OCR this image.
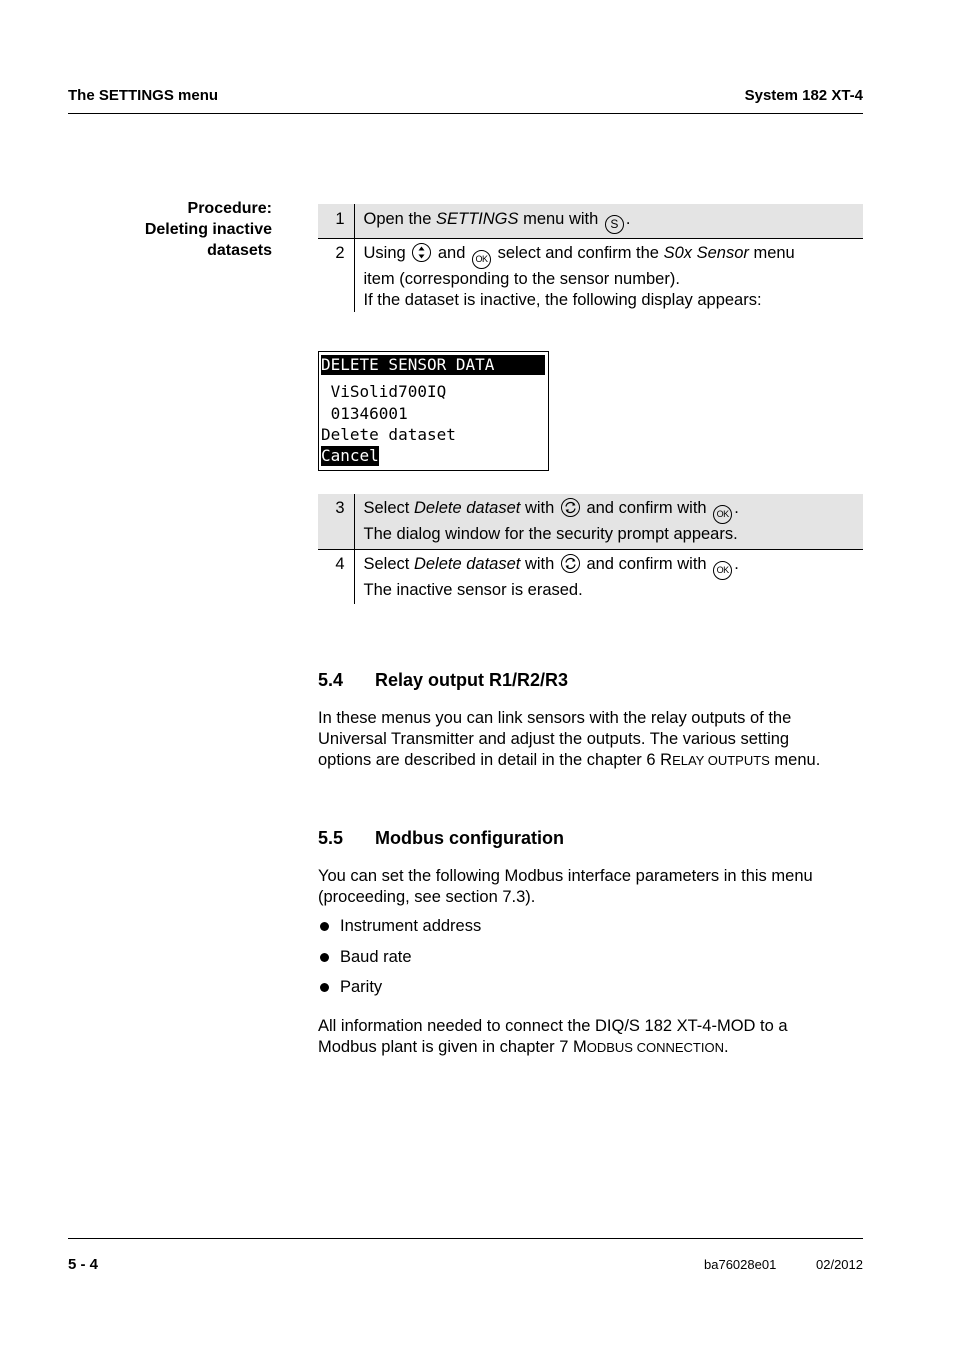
The SETTINGS menu	System 182 XT-4
Procedure:
Deleting inactive
datasets
1	Open the SETTINGS menu with S .
2	Using
and OK select and confirm the S0x Sensor menu
item (corresponding to the sensor number).
If the dataset is inactive, the following display appears:
DELETE SENSOR DATA
ViSolid700IQ
01346001
Delete dataset
Cancel
3	Select Delete dataset with
and confirm with OK .
The dialog window for the security prompt appears.

4	Select Delete dataset with
and confirm with OK .
The inactive sensor is erased.
5.4 Relay output R1/R2/R3
In these menus you can link sensors with the relay outputs of the
Universal Transmitter and adjust the outputs. The various setting
options are described in detail in the chapter 6 RELAY OUTPUTS menu.
5.5 Modbus configuration
You can set the following Modbus interface parameters in this menu
(proceeding, see section 7.3).
Instrument address
Baud rate
Parity
All information needed to connect the DIQ/S 182 XT-4-MOD to a
Modbus plant is given in chapter 7 MODBUS CONNECTION.
5 - 4	ba76028e01	02/2012
